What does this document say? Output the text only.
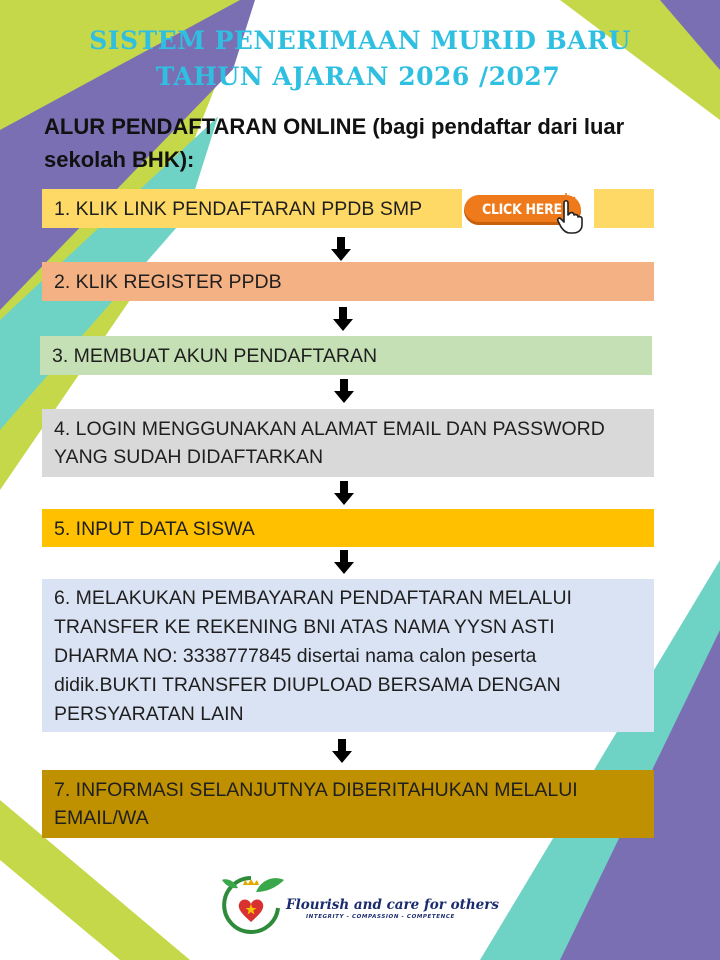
SISTEM PENERIMAAN MURID BARU
TAHUN AJARAN 2026 /2027
ALUR PENDAFTARAN ONLINE (bagi pendaftar dari luar sekolah BHK):
1. KLIK LINK PENDAFTARAN PPDB SMP	CLICK HERE
2. KLIK REGISTER PPDB
3. MEMBUAT AKUN PENDAFTARAN
4. LOGIN MENGGUNAKAN ALAMAT EMAIL DAN PASSWORD YANG SUDAH DIDAFTARKAN
5. INPUT DATA SISWA
6. MELAKUKAN PEMBAYARAN PENDAFTARAN MELALUI TRANSFER KE REKENING BNI ATAS NAMA YYSN ASTI DHARMA NO: 3338777845 disertai nama calon peserta didik.BUKTI TRANSFER DIUPLOAD BERSAMA DENGAN PERSYARATAN LAIN
7. INFORMASI SELANJUTNYA DIBERITAHUKAN MELALUI EMAIL/WA
Flourish and care for others
INTEGRITY - COMPASSION - COMPETENCE
